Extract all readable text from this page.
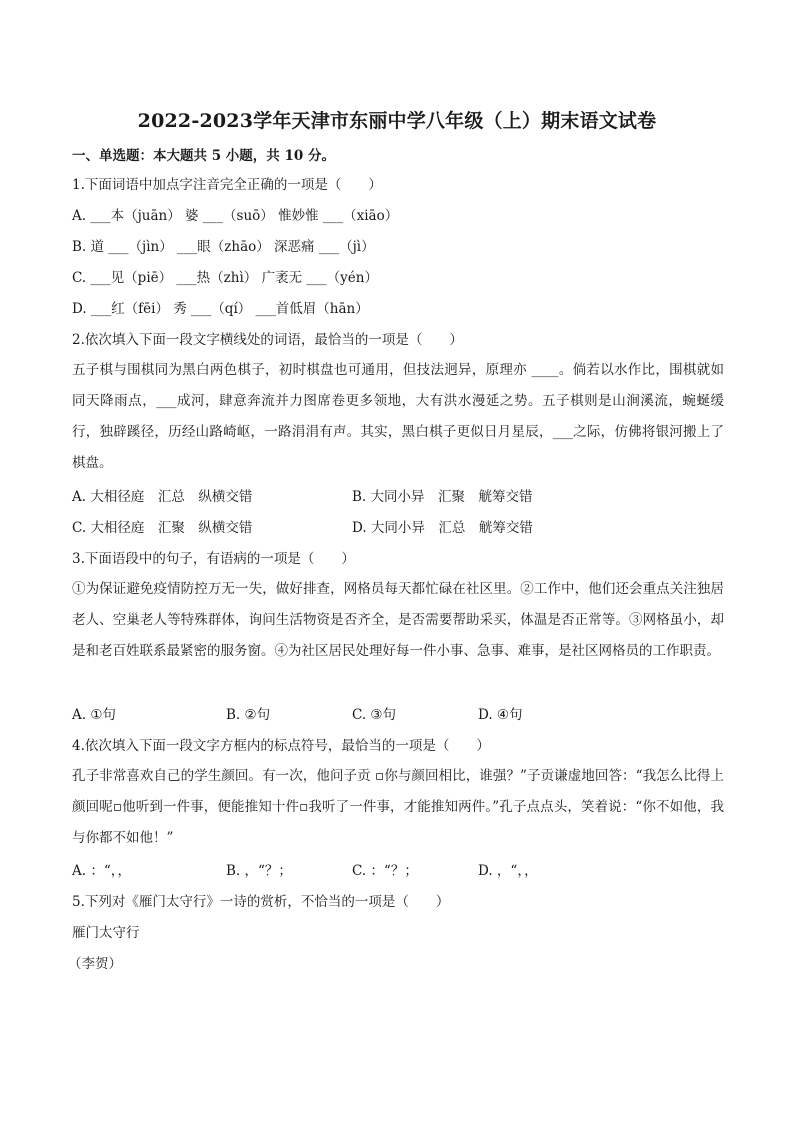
2022-2023学年天津市东丽中学八年级（上）期末语文试卷
一、单选题：本大题共 5 小题，共 10 分。
1.下面词语中加点字注音完全正确的一项是（　　）
A. ___本（juān） 婆 ___（suō） 惟妙惟 ___（xiāo）
B. 道 ___（jìn） ___眼（zhāo） 深恶痛 ___（jì）
C. ___见（piē） ___热（zhì） 广袤无 ___（yén）
D. ___红（fēi） 秀 ___（qí） ___首低眉（hān）
2.依次填入下面一段文字横线处的词语，最恰当的一项是（　　）
五子棋与围棋同为黑白两色棋子，初时棋盘也可通用，但技法迥异，原理亦 ____。倘若以水作比，围棋就如同天降雨点，___成河，肆意奔流并力图席卷更多领地，大有洪水漫延之势。五子棋则是山涧溪流，蜿蜒缓行，独辟蹊径，历经山路崎岖，一路涓涓有声。其实，黑白棋子更似日月星辰，___之际，仿佛将银河搬上了棋盘。
A. 大相径庭　汇总　纵横交错	B. 大同小异　汇聚　觥筹交错
C. 大相径庭　汇聚　纵横交错	D. 大同小异　汇总　觥筹交错
3.下面语段中的句子，有语病的一项是（　　）
①为保证避免疫情防控万无一失，做好排查，网格员每天都忙碌在社区里。②工作中，他们还会重点关注独居老人、空巢老人等特殊群体，询问生活物资是否齐全，是否需要帮助采买，体温是否正常等。③网格虽小，却是和老百姓联系最紧密的服务窗。④为社区居民处理好每一件小事、急事、难事，是社区网格员的工作职责。
A. ①句	B. ②句	C. ③句	D. ④句
4.依次填入下面一段文字方框内的标点符号，最恰当的一项是（　　）
孔子非常喜欢自己的学生颜回。有一次，他问子贡 ▫你与颜回相比，谁强？”子贡谦虚地回答：“我怎么比得上颜回呢▫他听到一件事，便能推知十件▫我听了一件事，才能推知两件。”孔子点点头，笑着说：“你不如他，我与你都不如他！”
A. ：“，，	B. ，“？；	C. ：“？；	D. ，“，，
5.下列对《雁门太守行》一诗的赏析，不恰当的一项是（　　）
雁门太守行
（李贺）
